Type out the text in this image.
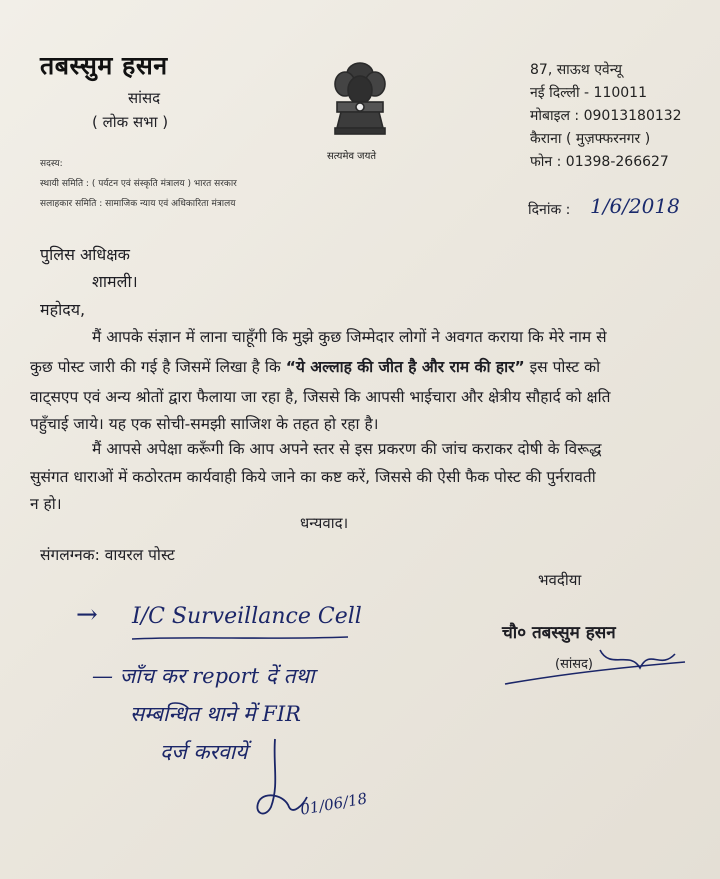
तबस्सुम हसन
सांसद
( लोक सभा )
सदस्य:
स्थायी समिति : ( पर्यटन एवं संस्कृति मंत्रालय ) भारत सरकार
सलाहकार समिति : सामाजिक न्याय एवं अधिकारिता मंत्रालय
सत्यमेव जयते
87, साऊथ एवेन्यू
नई दिल्ली - 110011
मोबाइल : 09013180132
कैराना ( मुज़फ्फरनगर )
फोन : 01398-266627
दिनांक : 1/6/2018
पुलिस अधिक्षक
शामली।
महोदय,
मैं आपके संज्ञान में लाना चाहूँगी कि मुझे कुछ जिम्मेदार लोगों ने अवगत कराया कि मेरे नाम से
कुछ पोस्ट जारी की गई है जिसमें लिखा है कि “ये अल्लाह की जीत है और राम की हार” इस पोस्ट को
वाट्सएप एवं अन्य श्रोतों द्वारा फैलाया जा रहा है, जिससे कि आपसी भाईचारा और क्षेत्रीय सौहार्द को क्षति
पहुँचाई जाये। यह एक सोची-समझी साजिश के तहत हो रहा है।
मैं आपसे अपेक्षा करूँगी कि आप अपने स्तर से इस प्रकरण की जांच कराकर दोषी के विरूद्ध
सुसंगत धाराओं में कठोरतम कार्यवाही किये जाने का कष्ट करें, जिससे की ऐसी फैक पोस्ट की पुर्नरावती
न हो।
धन्यवाद।
संगलग्नक: वायरल पोस्ट
भवदीया
चौ० तबस्सुम हसन
(सांसद)
→ I/C Surveillance Cell
— जाँच कर report दें तथा
सम्बन्धित थाने में FIR
दर्ज करवायें
01/06/18
